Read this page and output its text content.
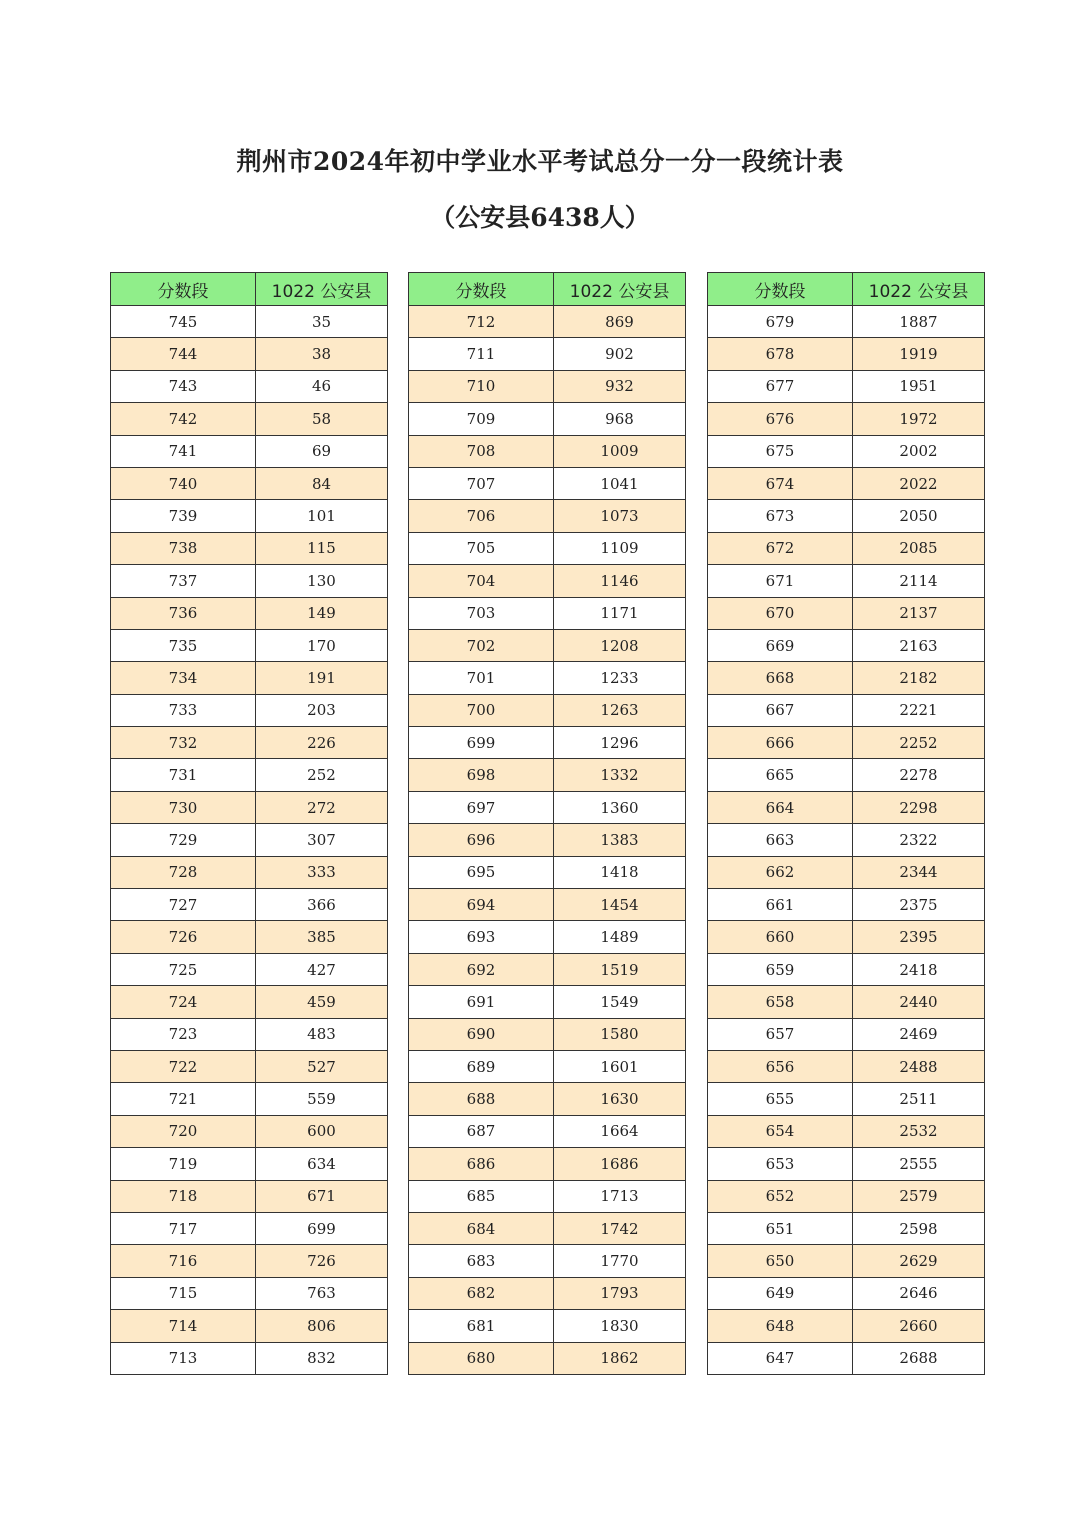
荆州市2024年初中学业水平考试总分一分一段统计表
（公安县6438人）
分数段	1022 公安县
745	35
744	38
743	46
742	58
741	69
740	84
739	101
738	115
737	130
736	149
735	170
734	191
733	203
732	226
731	252
730	272
729	307
728	333
727	366
726	385
725	427
724	459
723	483
722	527
721	559
720	600
719	634
718	671
717	699
716	726
715	763
714	806
713	832
分数段	1022 公安县
712	869
711	902
710	932
709	968
708	1009
707	1041
706	1073
705	1109
704	1146
703	1171
702	1208
701	1233
700	1263
699	1296
698	1332
697	1360
696	1383
695	1418
694	1454
693	1489
692	1519
691	1549
690	1580
689	1601
688	1630
687	1664
686	1686
685	1713
684	1742
683	1770
682	1793
681	1830
680	1862
分数段	1022 公安县
679	1887
678	1919
677	1951
676	1972
675	2002
674	2022
673	2050
672	2085
671	2114
670	2137
669	2163
668	2182
667	2221
666	2252
665	2278
664	2298
663	2322
662	2344
661	2375
660	2395
659	2418
658	2440
657	2469
656	2488
655	2511
654	2532
653	2555
652	2579
651	2598
650	2629
649	2646
648	2660
647	2688
